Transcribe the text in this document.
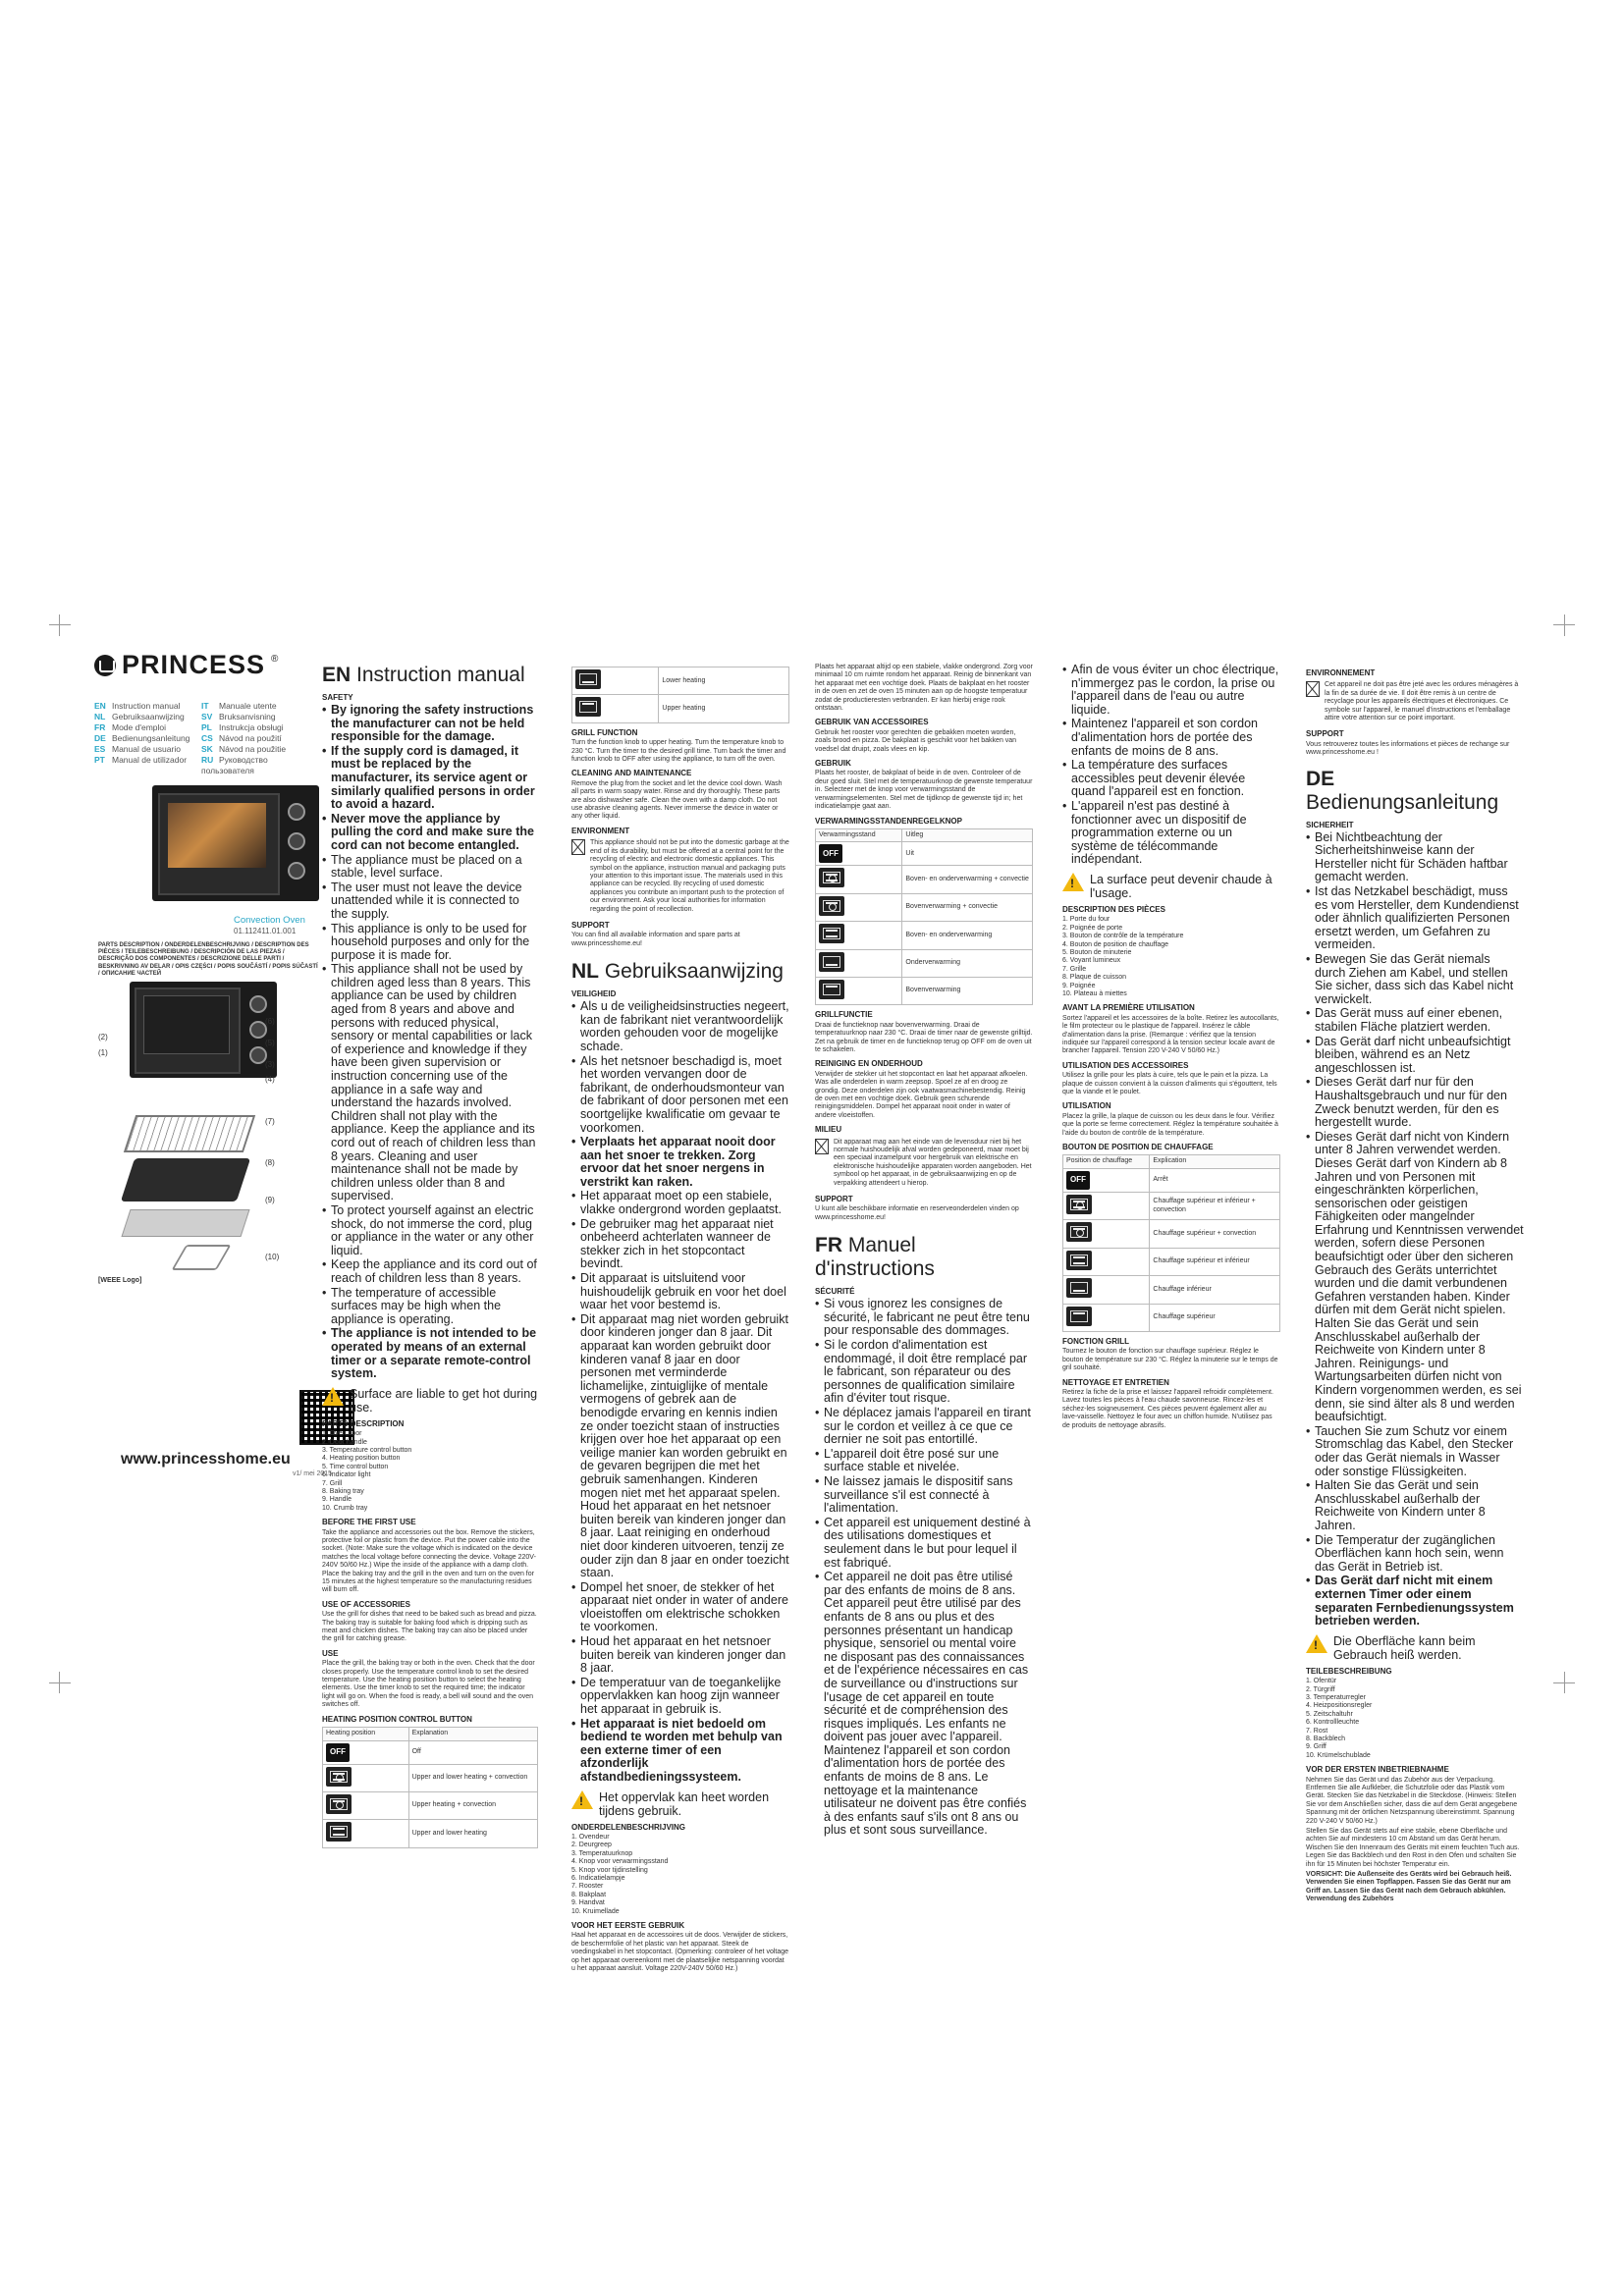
PRINCESS ®
EN Instruction manual	IT Manuale utente
NL Gebruiksaanwijzing	SV Bruksanvisning
FR Mode d'emploi	PL Instrukcja obsługi
DE Bedienungsanleitung	CS Návod na použití
ES Manual de usuario	SK Návod na použitie
PT Manual de utilizador	RU Руководство пользователя
Convection Oven
01.112411.01.001
PARTS DESCRIPTION / ONDERDELENBESCHRIJVING / DESCRIPTION DES PIÈCES / TEILEBESCHREIBUNG / DESCRIPCIÓN DE LAS PIEZAS / DESCRIÇÃO DOS COMPONENTES / DESCRIZIONE DELLE PARTI / BESKRIVNING AV DELAR / OPIS CZĘŚCI / POPIS SOUČÁSTÍ / POPIS SÚČASTÍ / ОПИСАНИЕ ЧАСТЕЙ
(2)
(1)
(6)
(5)
(3)
(4)
(7)
(8)
(9)
(10)
[WEEE Logo]
www.princesshome.eu
v1/ mei 2015
EN Instruction manual
SAFETY
• By ignoring the safety instructions the manufacturer can not be held responsible for the damage.
• If the supply cord is damaged, it must be replaced by the manufacturer, its service agent or similarly qualified persons in order to avoid a hazard.
• Never move the appliance by pulling the cord and make sure the cord can not become entangled.
• The appliance must be placed on a stable, level surface.
• The user must not leave the device unattended while it is connected to the supply.
• This appliance is only to be used for household purposes and only for the purpose it is made for.
• This appliance shall not be used by children aged less than 8 years. This appliance can be used by children aged from 8 years and above and persons with reduced physical, sensory or mental capabilities or lack of experience and knowledge if they have been given supervision or instruction concerning use of the appliance in a safe way and understand the hazards involved. Children shall not play with the appliance. Keep the appliance and its cord out of reach of children less than 8 years. Cleaning and user maintenance shall not be made by children unless older than 8 and supervised.
• To protect yourself against an electric shock, do not immerse the cord, plug or appliance in the water or any other liquid.
• Keep the appliance and its cord out of reach of children less than 8 years.
• The temperature of accessible surfaces may be high when the appliance is operating.
• The appliance is not intended to be operated by means of an external timer or a separate remote-control system.
! Surface are liable to get hot during use.
PARTS DESCRIPTION
1. Oven door
2. Door handle
3. Temperature control button
4. Heating position button
5. Time control button
6. Indicator light
7. Grill
8. Baking tray
9. Handle
10. Crumb tray
BEFORE THE FIRST USE

Take the appliance and accessories out the box. Remove the stickers, protective foil or plastic from the device. Put the power cable into the socket. (Note: Make sure the voltage which is indicated on the device matches the local voltage before connecting the device. Voltage 220V-240V 50/60 Hz.) Wipe the inside of the appliance with a damp cloth. Place the baking tray and the grill in the oven and turn on the oven for 15 minutes at the highest temperature so the manufacturing residues will burn off.

USE OF ACCESSORIES

Use the grill for dishes that need to be baked such as bread and pizza. The baking tray is suitable for baking food which is dripping such as meat and chicken dishes. The baking tray can also be placed under the grill for catching grease.

USE

Place the grill, the baking tray or both in the oven. Check that the door closes properly. Use the temperature control knob to set the desired temperature. Use the heating position button to select the heating elements. Use the timer knob to set the required time; the indicator light will go on. When the food is ready, a bell will sound and the oven switches off.

HEATING POSITION CONTROL BUTTON
Heating position	Explanation
OFF	Off

	Upper and lower heating + convection

	Upper heating + convection

	Upper and lower heating
	Lower heating

	Upper heating
GRILL FUNCTION

Turn the function knob to upper heating. Turn the temperature knob to 230 °C. Turn the timer to the desired grill time. Turn back the timer and function knob to OFF after using the appliance, to turn off the oven.

CLEANING AND MAINTENANCE

Remove the plug from the socket and let the device cool down. Wash all parts in warm soapy water. Rinse and dry thoroughly. These parts are also dishwasher safe. Clean the oven with a damp cloth. Do not use abrasive cleaning agents. Never immerse the device in water or any other liquid.

ENVIRONMENT

This appliance should not be put into the domestic garbage at the end of its durability, but must be offered at a central point for the recycling of electric and electronic domestic appliances. This symbol on the appliance, instruction manual and packaging puts your attention to this important issue. The materials used in this appliance can be recycled. By recycling of used domestic appliances you contribute an important push to the protection of our environment. Ask your local authorities for information regarding the point of recollection.

SUPPORT

You can find all available information and spare parts at www.princesshome.eu!

NL Gebruiksaanwijzing
VEILIGHEID
• Als u de veiligheidsinstructies negeert, kan de fabrikant niet verantwoordelijk worden gehouden voor de mogelijke schade.
• Als het netsnoer beschadigd is, moet het worden vervangen door de fabrikant, de onderhoudsmonteur van de fabrikant of door personen met een soortgelijke kwalificatie om gevaar te voorkomen.
• Verplaats het apparaat nooit door aan het snoer te trekken. Zorg ervoor dat het snoer nergens in verstrikt kan raken.
• Het apparaat moet op een stabiele, vlakke ondergrond worden geplaatst.
• De gebruiker mag het apparaat niet onbeheerd achterlaten wanneer de stekker zich in het stopcontact bevindt.
• Dit apparaat is uitsluitend voor huishoudelijk gebruik en voor het doel waar het voor bestemd is.
• Dit apparaat mag niet worden gebruikt door kinderen jonger dan 8 jaar. Dit apparaat kan worden gebruikt door kinderen vanaf 8 jaar en door personen met verminderde lichamelijke, zintuiglijke of mentale vermogens of gebrek aan de benodigde ervaring en kennis indien ze onder toezicht staan of instructies krijgen over hoe het apparaat op een veilige manier kan worden gebruikt en de gevaren begrijpen die met het gebruik samenhangen. Kinderen mogen niet met het apparaat spelen. Houd het apparaat en het netsnoer buiten bereik van kinderen jonger dan 8 jaar. Laat reiniging en onderhoud niet door kinderen uitvoeren, tenzij ze ouder zijn dan 8 jaar en onder toezicht staan.
• Dompel het snoer, de stekker of het apparaat niet onder in water of andere vloeistoffen om elektrische schokken te voorkomen.
• Houd het apparaat en het netsnoer buiten bereik van kinderen jonger dan 8 jaar.
• De temperatuur van de toegankelijke oppervlakken kan hoog zijn wanneer het apparaat in gebruik is.
• Het apparaat is niet bedoeld om bediend te worden met behulp van een externe timer of een afzonderlijk afstandbedieningssysteem.
! Het oppervlak kan heet worden tijdens gebruik.
ONDERDELENBESCHRIJVING
1. Ovendeur
2. Deurgreep
3. Temperatuurknop
4. Knop voor verwarmingsstand
5. Knop voor tijdinstelling
6. Indicatielampje
7. Rooster
8. Bakplaat
9. Handvat
10. Kruimellade
VOOR HET EERSTE GEBRUIK

Haal het apparaat en de accessoires uit de doos. Verwijder de stickers, de beschermfolie of het plastic van het apparaat. Steek de voedingskabel in het stopcontact. (Opmerking: controleer of het voltage op het apparaat overeenkomt met de plaatselijke netspanning voordat u het apparaat aansluit. Voltage 220V-240V 50/60 Hz.)

Plaats het apparaat altijd op een stabiele, vlakke ondergrond. Zorg voor minimaal 10 cm ruimte rondom het apparaat. Reinig de binnenkant van het apparaat met een vochtige doek. Plaats de bakplaat en het rooster in de oven en zet de oven 15 minuten aan op de hoogste temperatuur zodat de productieresten verbranden. Er kan hierbij enige rook ontstaan.

GEBRUIK VAN ACCESSOIRES

Gebruik het rooster voor gerechten die gebakken moeten worden, zoals brood en pizza. De bakplaat is geschikt voor het bakken van voedsel dat druipt, zoals vlees en kip.

GEBRUIK

Plaats het rooster, de bakplaat of beide in de oven. Controleer of de deur goed sluit. Stel met de temperatuurknop de gewenste temperatuur in. Selecteer met de knop voor verwarmingsstand de verwarmingselementen. Stel met de tijdknop de gewenste tijd in; het indicatielampje gaat aan.

VERWARMINGSSTANDENREGELKNOP
Verwarmingsstand	Uitleg
OFF	Uit

	Boven- en onderverwarming + convectie

	Bovenverwarming + convectie

	Boven- en onderverwarming

	Onderverwarming

	Bovenverwarming
GRILLFUNCTIE

Draai de functieknop naar bovenverwarming. Draai de temperatuurknop naar 230 °C. Draai de timer naar de gewenste grilltijd. Zet na gebruik de timer en de functieknop terug op OFF om de oven uit te schakelen.

REINIGING EN ONDERHOUD

Verwijder de stekker uit het stopcontact en laat het apparaat afkoelen. Was alle onderdelen in warm zeepsop. Spoel ze af en droog ze grondig. Deze onderdelen zijn ook vaatwasmachinebestendig. Reinig de oven met een vochtige doek. Gebruik geen schurende reinigingsmiddelen. Dompel het apparaat nooit onder in water of andere vloeistoffen.

MILIEU

Dit apparaat mag aan het einde van de levensduur niet bij het normale huishoudelijk afval worden gedeponeerd, maar moet bij een speciaal inzamelpunt voor hergebruik van elektrische en elektronische huishoudelijke apparaten worden aangeboden. Het symbool op het apparaat, in de gebruiksaanwijzing en op de verpakking attendeert u hierop.

SUPPORT

U kunt alle beschikbare informatie en reserveonderdelen vinden op www.princesshome.eu!

FR Manuel d'instructions
SÉCURITÉ
• Si vous ignorez les consignes de sécurité, le fabricant ne peut être tenu pour responsable des dommages.
• Si le cordon d'alimentation est endommagé, il doit être remplacé par le fabricant, son réparateur ou des personnes de qualification similaire afin d'éviter tout risque.
• Ne déplacez jamais l'appareil en tirant sur le cordon et veillez à ce que ce dernier ne soit pas entortillé.
• L'appareil doit être posé sur une surface stable et nivelée.
• Ne laissez jamais le dispositif sans surveillance s'il est connecté à l'alimentation.
• Cet appareil est uniquement destiné à des utilisations domestiques et seulement dans le but pour lequel il est fabriqué.
• Cet appareil ne doit pas être utilisé par des enfants de moins de 8 ans. Cet appareil peut être utilisé par des enfants de 8 ans ou plus et des personnes présentant un handicap physique, sensoriel ou mental voire ne disposant pas des connaissances et de l'expérience nécessaires en cas de surveillance ou d'instructions sur l'usage de cet appareil en toute sécurité et de compréhension des risques impliqués. Les enfants ne doivent pas jouer avec l'appareil. Maintenez l'appareil et son cordon d'alimentation hors de portée des enfants de moins de 8 ans. Le nettoyage et la maintenance utilisateur ne doivent pas être confiés à des enfants sauf s'ils ont 8 ans ou plus et sont sous surveillance.
• Afin de vous éviter un choc électrique, n'immergez pas le cordon, la prise ou l'appareil dans de l'eau ou autre liquide.
• Maintenez l'appareil et son cordon d'alimentation hors de portée des enfants de moins de 8 ans.
• La température des surfaces accessibles peut devenir élevée quand l'appareil est en fonction.
• L'appareil n'est pas destiné à fonctionner avec un dispositif de programmation externe ou un système de télécommande indépendant.
! La surface peut devenir chaude à l'usage.
DESCRIPTION DES PIÈCES
1. Porte du four
2. Poignée de porte
3. Bouton de contrôle de la température
4. Bouton de position de chauffage
5. Bouton de minuterie
6. Voyant lumineux
7. Grille
8. Plaque de cuisson
9. Poignée
10. Plateau à miettes
AVANT LA PREMIÈRE UTILISATION

Sortez l'appareil et les accessoires de la boîte. Retirez les autocollants, le film protecteur ou le plastique de l'appareil. Insérez le câble d'alimentation dans la prise. (Remarque : vérifiez que la tension indiquée sur l'appareil correspond à la tension secteur locale avant de brancher l'appareil. Tension 220 V-240 V 50/60 Hz.)

UTILISATION DES ACCESSOIRES

Utilisez la grille pour les plats à cuire, tels que le pain et la pizza. La plaque de cuisson convient à la cuisson d'aliments qui s'égouttent, tels que la viande et le poulet.

UTILISATION

Placez la grille, la plaque de cuisson ou les deux dans le four. Vérifiez que la porte se ferme correctement. Réglez la température souhaitée à l'aide du bouton de contrôle de la température.

BOUTON DE POSITION DE CHAUFFAGE
Position de chauffage	Explication
OFF	Arrêt

	Chauffage supérieur et inférieur + convection

	Chauffage supérieur + convection

	Chauffage supérieur et inférieur

	Chauffage inférieur

	Chauffage supérieur
FONCTION GRILL

Tournez le bouton de fonction sur chauffage supérieur. Réglez le bouton de température sur 230 °C. Réglez la minuterie sur le temps de gril souhaité.

NETTOYAGE ET ENTRETIEN

Retirez la fiche de la prise et laissez l'appareil refroidir complètement. Lavez toutes les pièces à l'eau chaude savonneuse. Rincez-les et séchez-les soigneusement. Ces pièces peuvent également aller au lave-vaisselle. Nettoyez le four avec un chiffon humide. N'utilisez pas de produits de nettoyage abrasifs.

ENVIRONNEMENT

Cet appareil ne doit pas être jeté avec les ordures ménagères à la fin de sa durée de vie. Il doit être remis à un centre de recyclage pour les appareils électriques et électroniques. Ce symbole sur l'appareil, le manuel d'instructions et l'emballage attire votre attention sur ce point important.

SUPPORT

Vous retrouverez toutes les informations et pièces de rechange sur www.princesshome.eu !

DE Bedienungsanleitung
SICHERHEIT
• Bei Nichtbeachtung der Sicherheitshinweise kann der Hersteller nicht für Schäden haftbar gemacht werden.
• Ist das Netzkabel beschädigt, muss es vom Hersteller, dem Kundendienst oder ähnlich qualifizierten Personen ersetzt werden, um Gefahren zu vermeiden.
• Bewegen Sie das Gerät niemals durch Ziehen am Kabel, und stellen Sie sicher, dass sich das Kabel nicht verwickelt.
• Das Gerät muss auf einer ebenen, stabilen Fläche platziert werden.
• Das Gerät darf nicht unbeaufsichtigt bleiben, während es an Netz angeschlossen ist.
• Dieses Gerät darf nur für den Haushaltsgebrauch und nur für den Zweck benutzt werden, für den es hergestellt wurde.
• Dieses Gerät darf nicht von Kindern unter 8 Jahren verwendet werden. Dieses Gerät darf von Kindern ab 8 Jahren und von Personen mit eingeschränkten körperlichen, sensorischen oder geistigen Fähigkeiten oder mangelnder Erfahrung und Kenntnissen verwendet werden, sofern diese Personen beaufsichtigt oder über den sicheren Gebrauch des Geräts unterrichtet wurden und die damit verbundenen Gefahren verstanden haben. Kinder dürfen mit dem Gerät nicht spielen. Halten Sie das Gerät und sein Anschlusskabel außerhalb der Reichweite von Kindern unter 8 Jahren. Reinigungs- und Wartungsarbeiten dürfen nicht von Kindern vorgenommen werden, es sei denn, sie sind älter als 8 und werden beaufsichtigt.
• Tauchen Sie zum Schutz vor einem Stromschlag das Kabel, den Stecker oder das Gerät niemals in Wasser oder sonstige Flüssigkeiten.
• Halten Sie das Gerät und sein Anschlusskabel außerhalb der Reichweite von Kindern unter 8 Jahren.
• Die Temperatur der zugänglichen Oberflächen kann hoch sein, wenn das Gerät in Betrieb ist.
• Das Gerät darf nicht mit einem externen Timer oder einem separaten Fernbedienungssystem betrieben werden.
! Die Oberfläche kann beim Gebrauch heiß werden.
TEILEBESCHREIBUNG
1. Ofentür
2. Türgriff
3. Temperaturregler
4. Heizpositionsregler
5. Zeitschaltuhr
6. Kontrollleuchte
7. Rost
8. Backblech
9. Griff
10. Krümelschublade
VOR DER ERSTEN INBETRIEBNAHME

Nehmen Sie das Gerät und das Zubehör aus der Verpackung. Entfernen Sie alle Aufkleber, die Schutzfolie oder das Plastik vom Gerät. Stecken Sie das Netzkabel in die Steckdose. (Hinweis: Stellen Sie vor dem Anschließen sicher, dass die auf dem Gerät angegebene Spannung mit der örtlichen Netzspannung übereinstimmt. Spannung 220 V-240 V 50/60 Hz.)

Stellen Sie das Gerät stets auf eine stabile, ebene Oberfläche und achten Sie auf mindestens 10 cm Abstand um das Gerät herum. Wischen Sie den Innenraum des Geräts mit einem feuchten Tuch aus. Legen Sie das Backblech und den Rost in den Ofen und schalten Sie ihn für 15 Minuten bei höchster Temperatur ein.

VORSICHT: Die Außenseite des Geräts wird bei Gebrauch heiß. Verwenden Sie einen Topflappen. Fassen Sie das Gerät nur am Griff an. Lassen Sie das Gerät nach dem Gebrauch abkühlen. Verwendung des Zubehörs
